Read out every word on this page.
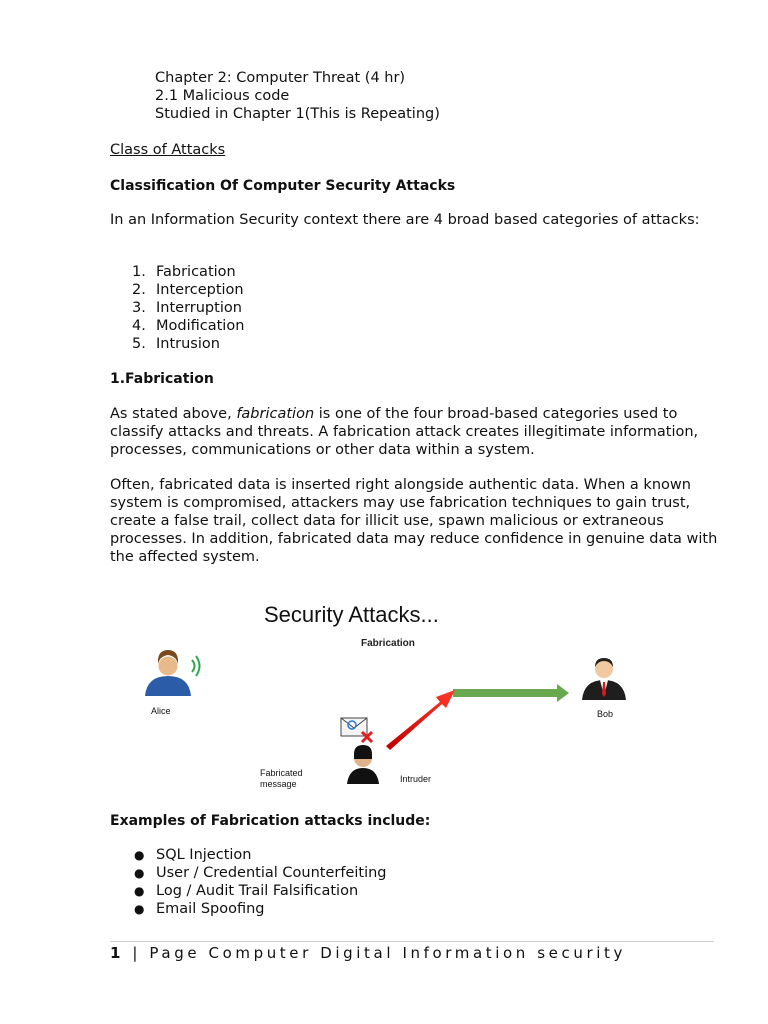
Chapter 2: Computer Threat (4 hr)
2.1 Malicious code
Studied in Chapter 1(This is Repeating)
Class of Attacks
Classification Of Computer Security Attacks
In an Information Security context there are 4 broad based categories of attacks:
1. Fabrication
2. Interception
3. Interruption
4. Modification
5. Intrusion
1.Fabrication
As stated above, fabrication is one of the four broad-based categories used to classify attacks and threats. A fabrication attack creates illegitimate information, processes, communications or other data within a system.
Often, fabricated data is inserted right alongside authentic data. When a known system is compromised, attackers may use fabrication techniques to gain trust, create a false trail, collect data for illicit use, spawn malicious or extraneous processes. In addition, fabricated data may reduce confidence in genuine data with the affected system.
Security Attacks...
Fabrication
Alice	Bob
Intruder
Fabricated
message
Examples of Fabrication attacks include:
● SQL Injection
● User / Credential Counterfeiting
● Log / Audit Trail Falsification
● Email Spoofing
1 | Page Computer Digital Information security
